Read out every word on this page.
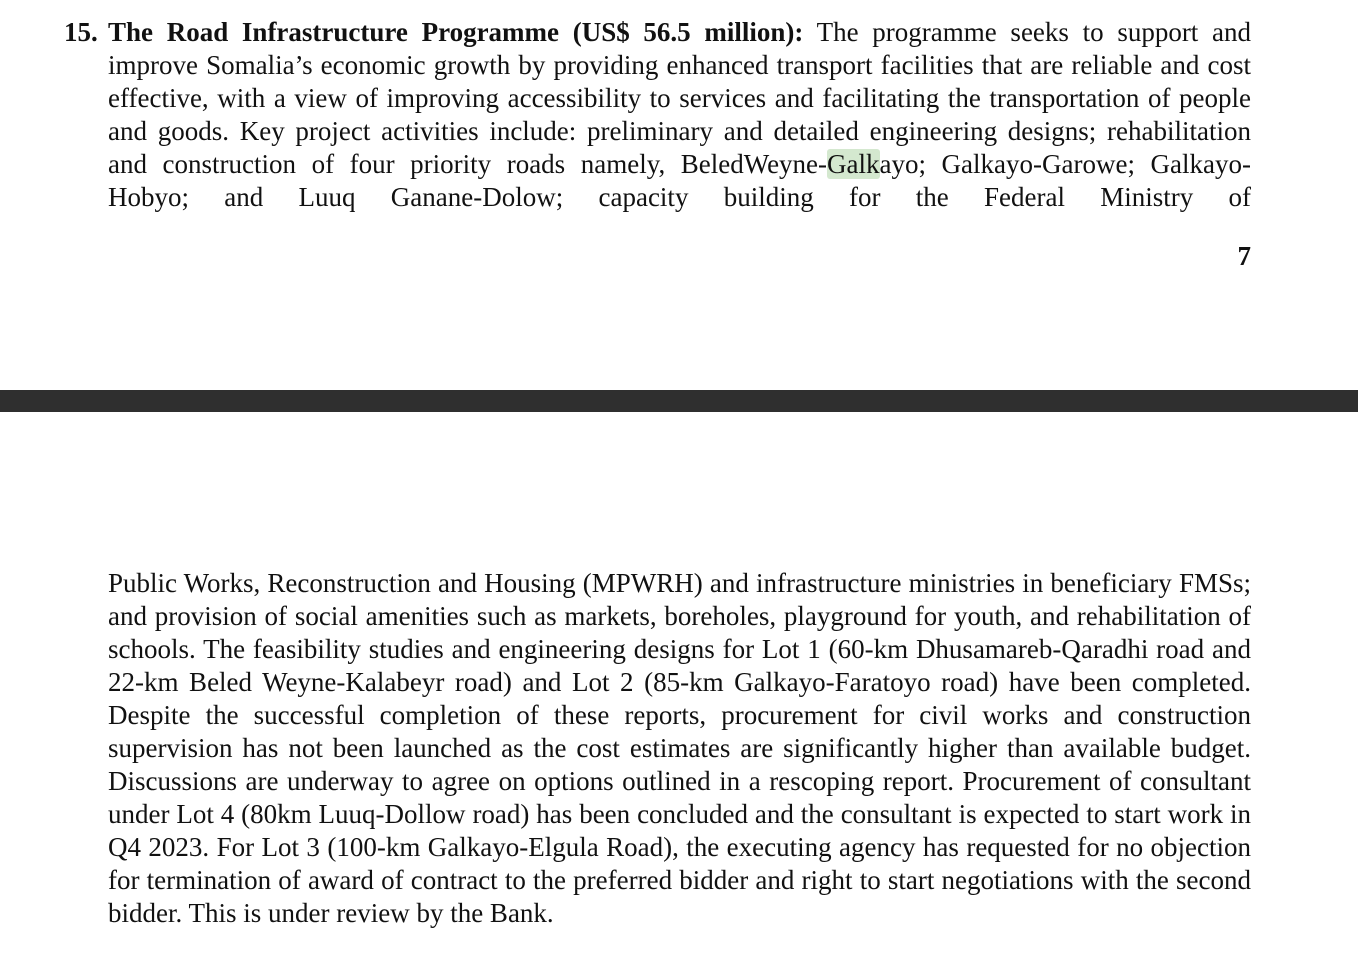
15. The Road Infrastructure Programme (US$ 56.5 million): The programme seeks to support and improve Somalia’s economic growth by providing enhanced transport facilities that are reliable and cost effective, with a view of improving accessibility to services and facilitating the transportation of people and goods. Key project activities include: preliminary and detailed engineering designs; rehabilitation and construction of four priority roads namely, BeledWeyne-Galkayo; Galkayo-Garowe; Galkayo-Hobyo; and Luuq Ganane-Dolow; capacity building for the Federal Ministry of

7

Public Works, Reconstruction and Housing (MPWRH) and infrastructure ministries in beneficiary FMSs; and provision of social amenities such as markets, boreholes, playground for youth, and rehabilitation of schools. The feasibility studies and engineering designs for Lot 1 (60-km Dhusamareb-Qaradhi road and 22-km Beled Weyne-Kalabeyr road) and Lot 2 (85-km Galkayo-Faratoyo road) have been completed. Despite the successful completion of these reports, procurement for civil works and construction supervision has not been launched as the cost estimates are significantly higher than available budget. Discussions are underway to agree on options outlined in a rescoping report. Procurement of consultant under Lot 4 (80km Luuq-Dollow road) has been concluded and the consultant is expected to start work in Q4 2023. For Lot 3 (100-km Galkayo-Elgula Road), the executing agency has requested for no objection for termination of award of contract to the preferred bidder and right to start negotiations with the second bidder. This is under review by the Bank.
